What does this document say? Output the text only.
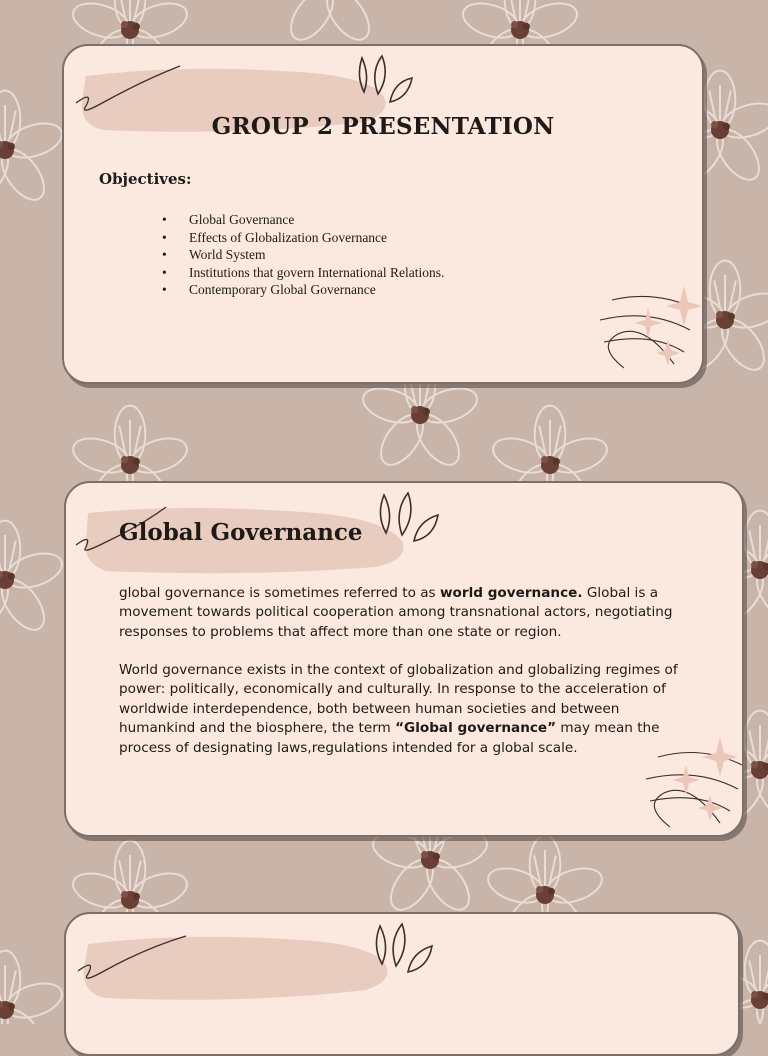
GROUP 2 PRESENTATION
Objectives:
• Global Governance
• Effects of Globalization Governance
• World System
• Institutions that govern International Relations.
• Contemporary Global Governance
Global Governance

global governance is sometimes referred to as world governance. Global is a movement towards political cooperation among transnational actors, negotiating responses to problems that affect more than one state or region.

World governance exists in the context of globalization and globalizing regimes of power: politically, economically and culturally. In response to the acceleration of worldwide interdependence, both between human societies and between humankind and the biosphere, the term “Global governance” may mean the process of designating laws,regulations intended for a global scale.
